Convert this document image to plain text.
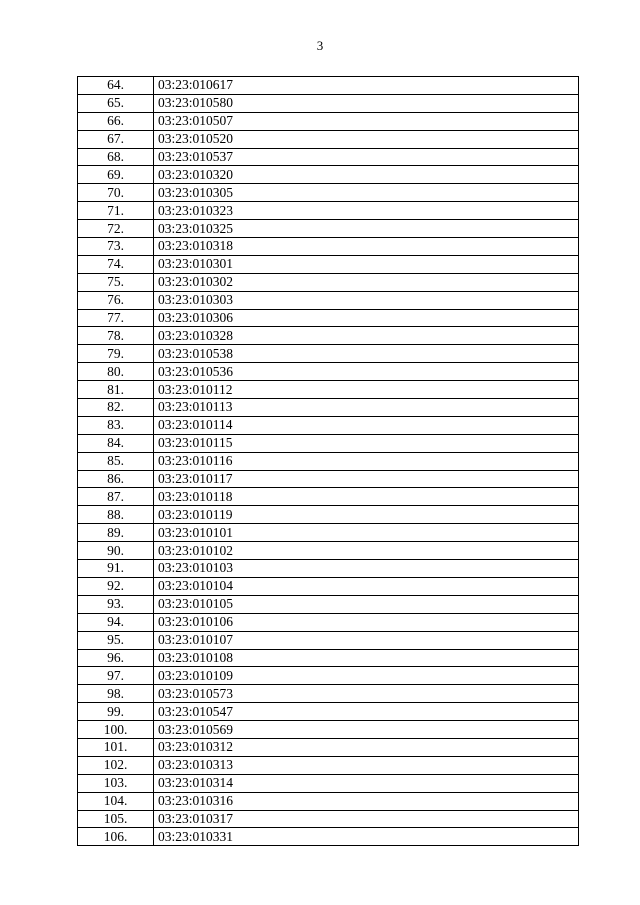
3
64.	03:23:010617
65.	03:23:010580
66.	03:23:010507
67.	03:23:010520
68.	03:23:010537
69.	03:23:010320
70.	03:23:010305
71.	03:23:010323
72.	03:23:010325
73.	03:23:010318
74.	03:23:010301
75.	03:23:010302
76.	03:23:010303
77.	03:23:010306
78.	03:23:010328
79.	03:23:010538
80.	03:23:010536
81.	03:23:010112
82.	03:23:010113
83.	03:23:010114
84.	03:23:010115
85.	03:23:010116
86.	03:23:010117
87.	03:23:010118
88.	03:23:010119
89.	03:23:010101
90.	03:23:010102
91.	03:23:010103
92.	03:23:010104
93.	03:23:010105
94.	03:23:010106
95.	03:23:010107
96.	03:23:010108
97.	03:23:010109
98.	03:23:010573
99.	03:23:010547
100.	03:23:010569
101.	03:23:010312
102.	03:23:010313
103.	03:23:010314
104.	03:23:010316
105.	03:23:010317
106.	03:23:010331
